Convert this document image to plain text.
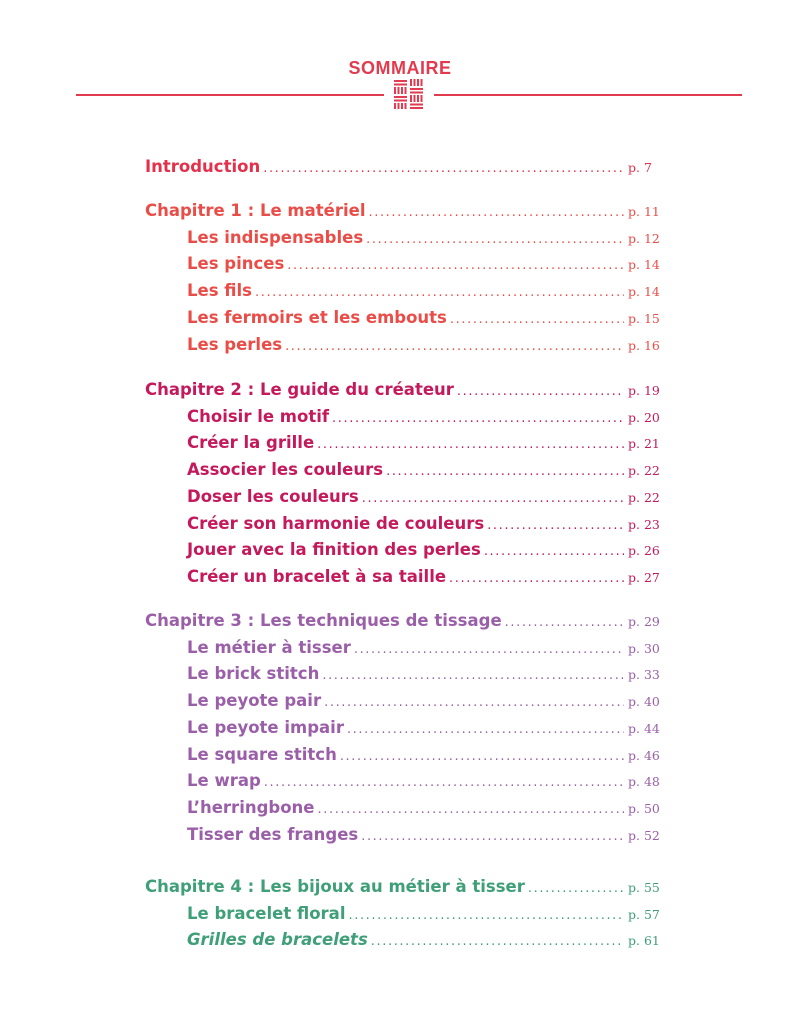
SOMMAIRE
Introduction .....	p. 7
Chapitre 1 : Le matériel .....	p. 11
Les indispensables .....	p. 12
Les pinces .....	p. 14
Les fils .....	p. 14
Les fermoirs et les embouts .....	p. 15
Les perles .....	p. 16
Chapitre 2 : Le guide du créateur .....	p. 19
Choisir le motif .....	p. 20
Créer la grille .....	p. 21
Associer les couleurs .....	p. 22
Doser les couleurs .....	p. 22
Créer son harmonie de couleurs .....	p. 23
Jouer avec la finition des perles .....	p. 26
Créer un bracelet à sa taille .....	p. 27
Chapitre 3 : Les techniques de tissage .....	p. 29
Le métier à tisser .....	p. 30
Le brick stitch .....	p. 33
Le peyote pair .....	p. 40
Le peyote impair .....	p. 44
Le square stitch .....	p. 46
Le wrap .....	p. 48
L’herringbone .....	p. 50
Tisser des franges .....	p. 52
Chapitre 4 : Les bijoux au métier à tisser .....	p. 55
Le bracelet floral .....	p. 57
Grilles de bracelets .....	p. 61
